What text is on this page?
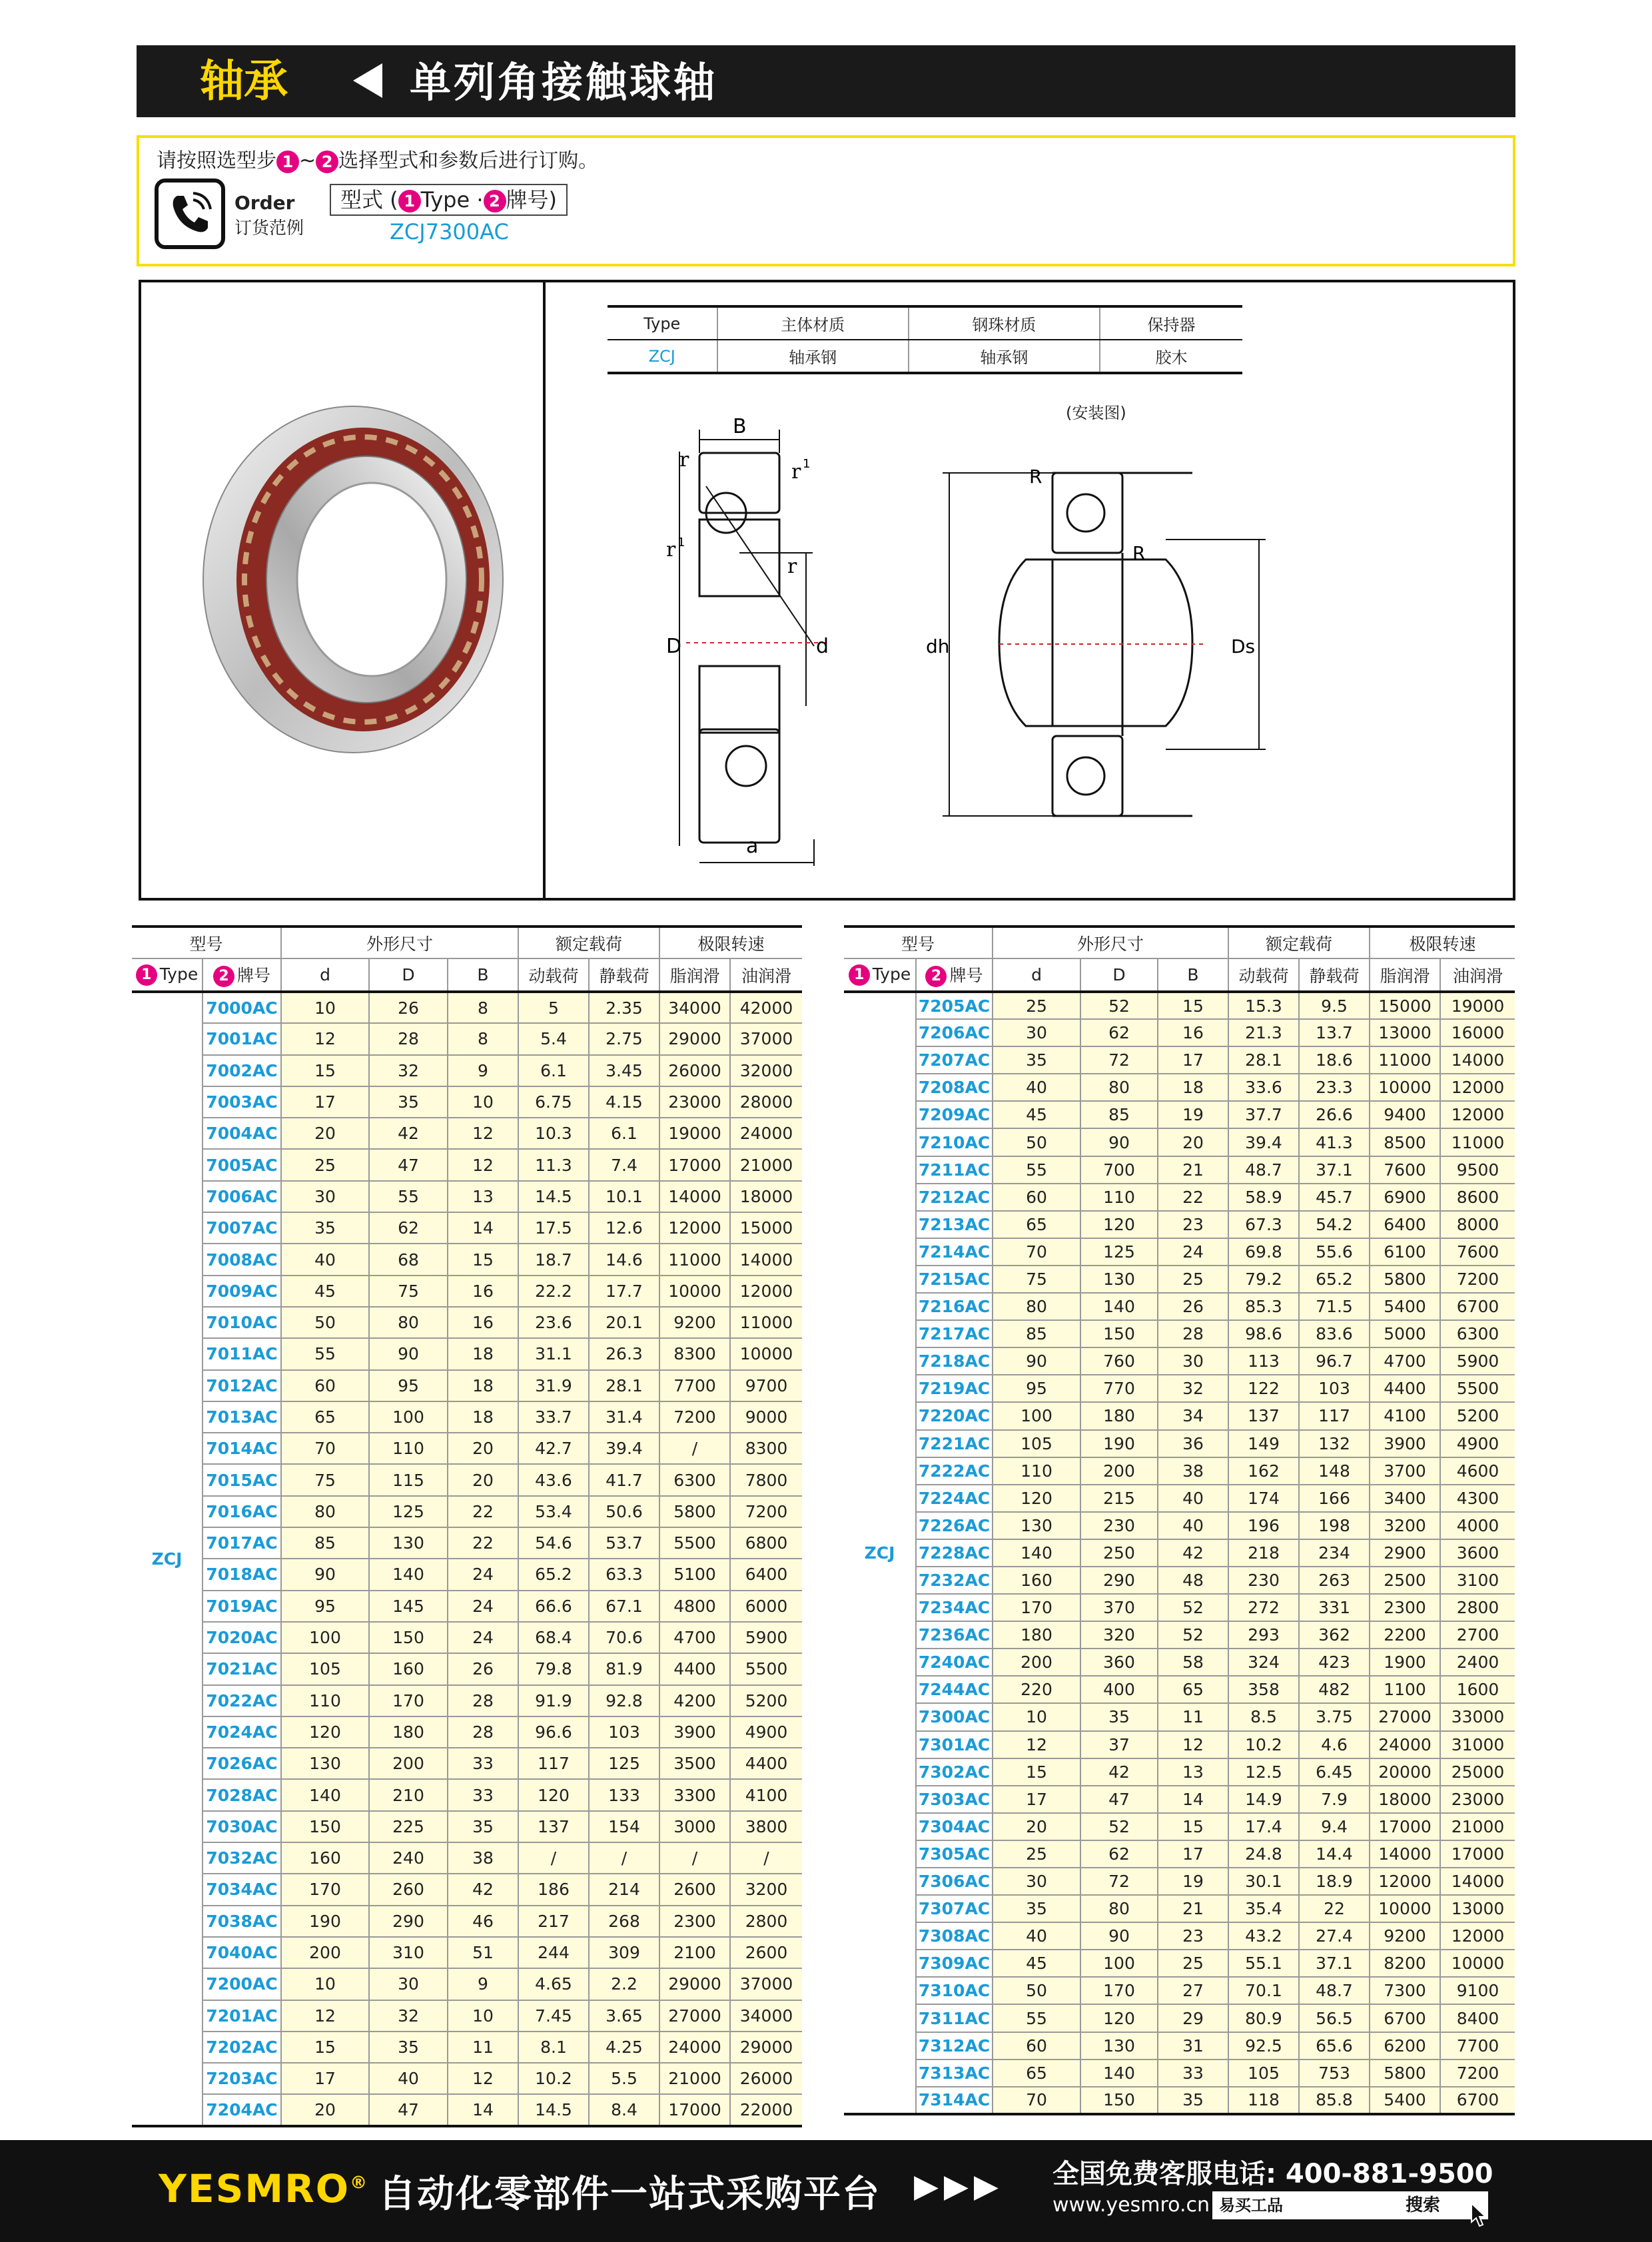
轴承	单列角接触球轴
请按照选型步 1 ~ 2 选择型式和参数后进行订购。
Order
订货范例
型式 ( 1 Type · 2 牌号)
ZCJ7300AC
Type	主体材质	钢珠材质	保持器
ZCJ	轴承钢	轴承钢	胶木
(安装图)
B
r
r 1
r 1
r
D	d
a
R
R
dh	Ds
型号		外形尺寸			额定载荷		极限转速	
1 Type	2 牌号	d	D	B	动载荷	静载荷	脂润滑	油润滑
ZCJ	7000AC	10	26	8	5	2.35	34000	42000
	7001AC	12	28	8	5.4	2.75	29000	37000
	7002AC	15	32	9	6.1	3.45	26000	32000
	7003AC	17	35	10	6.75	4.15	23000	28000
	7004AC	20	42	12	10.3	6.1	19000	24000
	7005AC	25	47	12	11.3	7.4	17000	21000
	7006AC	30	55	13	14.5	10.1	14000	18000
	7007AC	35	62	14	17.5	12.6	12000	15000
	7008AC	40	68	15	18.7	14.6	11000	14000
	7009AC	45	75	16	22.2	17.7	10000	12000
	7010AC	50	80	16	23.6	20.1	9200	11000
	7011AC	55	90	18	31.1	26.3	8300	10000
	7012AC	60	95	18	31.9	28.1	7700	9700
	7013AC	65	100	18	33.7	31.4	7200	9000
	7014AC	70	110	20	42.7	39.4	/	8300
	7015AC	75	115	20	43.6	41.7	6300	7800
	7016AC	80	125	22	53.4	50.6	5800	7200
	7017AC	85	130	22	54.6	53.7	5500	6800
	7018AC	90	140	24	65.2	63.3	5100	6400
	7019AC	95	145	24	66.6	67.1	4800	6000
	7020AC	100	150	24	68.4	70.6	4700	5900
	7021AC	105	160	26	79.8	81.9	4400	5500
	7022AC	110	170	28	91.9	92.8	4200	5200
	7024AC	120	180	28	96.6	103	3900	4900
	7026AC	130	200	33	117	125	3500	4400
	7028AC	140	210	33	120	133	3300	4100
	7030AC	150	225	35	137	154	3000	3800
	7032AC	160	240	38	/	/	/	/
	7034AC	170	260	42	186	214	2600	3200
	7038AC	190	290	46	217	268	2300	2800
	7040AC	200	310	51	244	309	2100	2600
	7200AC	10	30	9	4.65	2.2	29000	37000
	7201AC	12	32	10	7.45	3.65	27000	34000
	7202AC	15	35	11	8.1	4.25	24000	29000
	7203AC	17	40	12	10.2	5.5	21000	26000
	7204AC	20	47	14	14.5	8.4	17000	22000
型号		外形尺寸			额定载荷		极限转速	
1 Type	2 牌号	d	D	B	动载荷	静载荷	脂润滑	油润滑
ZCJ	7205AC	25	52	15	15.3	9.5	15000	19000
	7206AC	30	62	16	21.3	13.7	13000	16000
	7207AC	35	72	17	28.1	18.6	11000	14000
	7208AC	40	80	18	33.6	23.3	10000	12000
	7209AC	45	85	19	37.7	26.6	9400	12000
	7210AC	50	90	20	39.4	41.3	8500	11000
	7211AC	55	700	21	48.7	37.1	7600	9500
	7212AC	60	110	22	58.9	45.7	6900	8600
	7213AC	65	120	23	67.3	54.2	6400	8000
	7214AC	70	125	24	69.8	55.6	6100	7600
	7215AC	75	130	25	79.2	65.2	5800	7200
	7216AC	80	140	26	85.3	71.5	5400	6700
	7217AC	85	150	28	98.6	83.6	5000	6300
	7218AC	90	760	30	113	96.7	4700	5900
	7219AC	95	770	32	122	103	4400	5500
	7220AC	100	180	34	137	117	4100	5200
	7221AC	105	190	36	149	132	3900	4900
	7222AC	110	200	38	162	148	3700	4600
	7224AC	120	215	40	174	166	3400	4300
	7226AC	130	230	40	196	198	3200	4000
	7228AC	140	250	42	218	234	2900	3600
	7232AC	160	290	48	230	263	2500	3100
	7234AC	170	370	52	272	331	2300	2800
	7236AC	180	320	52	293	362	2200	2700
	7240AC	200	360	58	324	423	1900	2400
	7244AC	220	400	65	358	482	1100	1600
	7300AC	10	35	11	8.5	3.75	27000	33000
	7301AC	12	37	12	10.2	4.6	24000	31000
	7302AC	15	42	13	12.5	6.45	20000	25000
	7303AC	17	47	14	14.9	7.9	18000	23000
	7304AC	20	52	15	17.4	9.4	17000	21000
	7305AC	25	62	17	24.8	14.4	14000	17000
	7306AC	30	72	19	30.1	18.9	12000	14000
	7307AC	35	80	21	35.4	22	10000	13000
	7308AC	40	90	23	43.2	27.4	9200	12000
	7309AC	45	100	25	55.1	37.1	8200	10000
	7310AC	50	170	27	70.1	48.7	7300	9100
	7311AC	55	120	29	80.9	56.5	6700	8400
	7312AC	60	130	31	92.5	65.6	6200	7700
	7313AC	65	140	33	105	753	5800	7200
	7314AC	70	150	35	118	85.8	5400	6700
YESMRO® 自动化零部件一站式采购平台 ▶▶▶ 全国免费客服电话: 400-881-9500
www.yesmro.cn 易买工品	搜索
